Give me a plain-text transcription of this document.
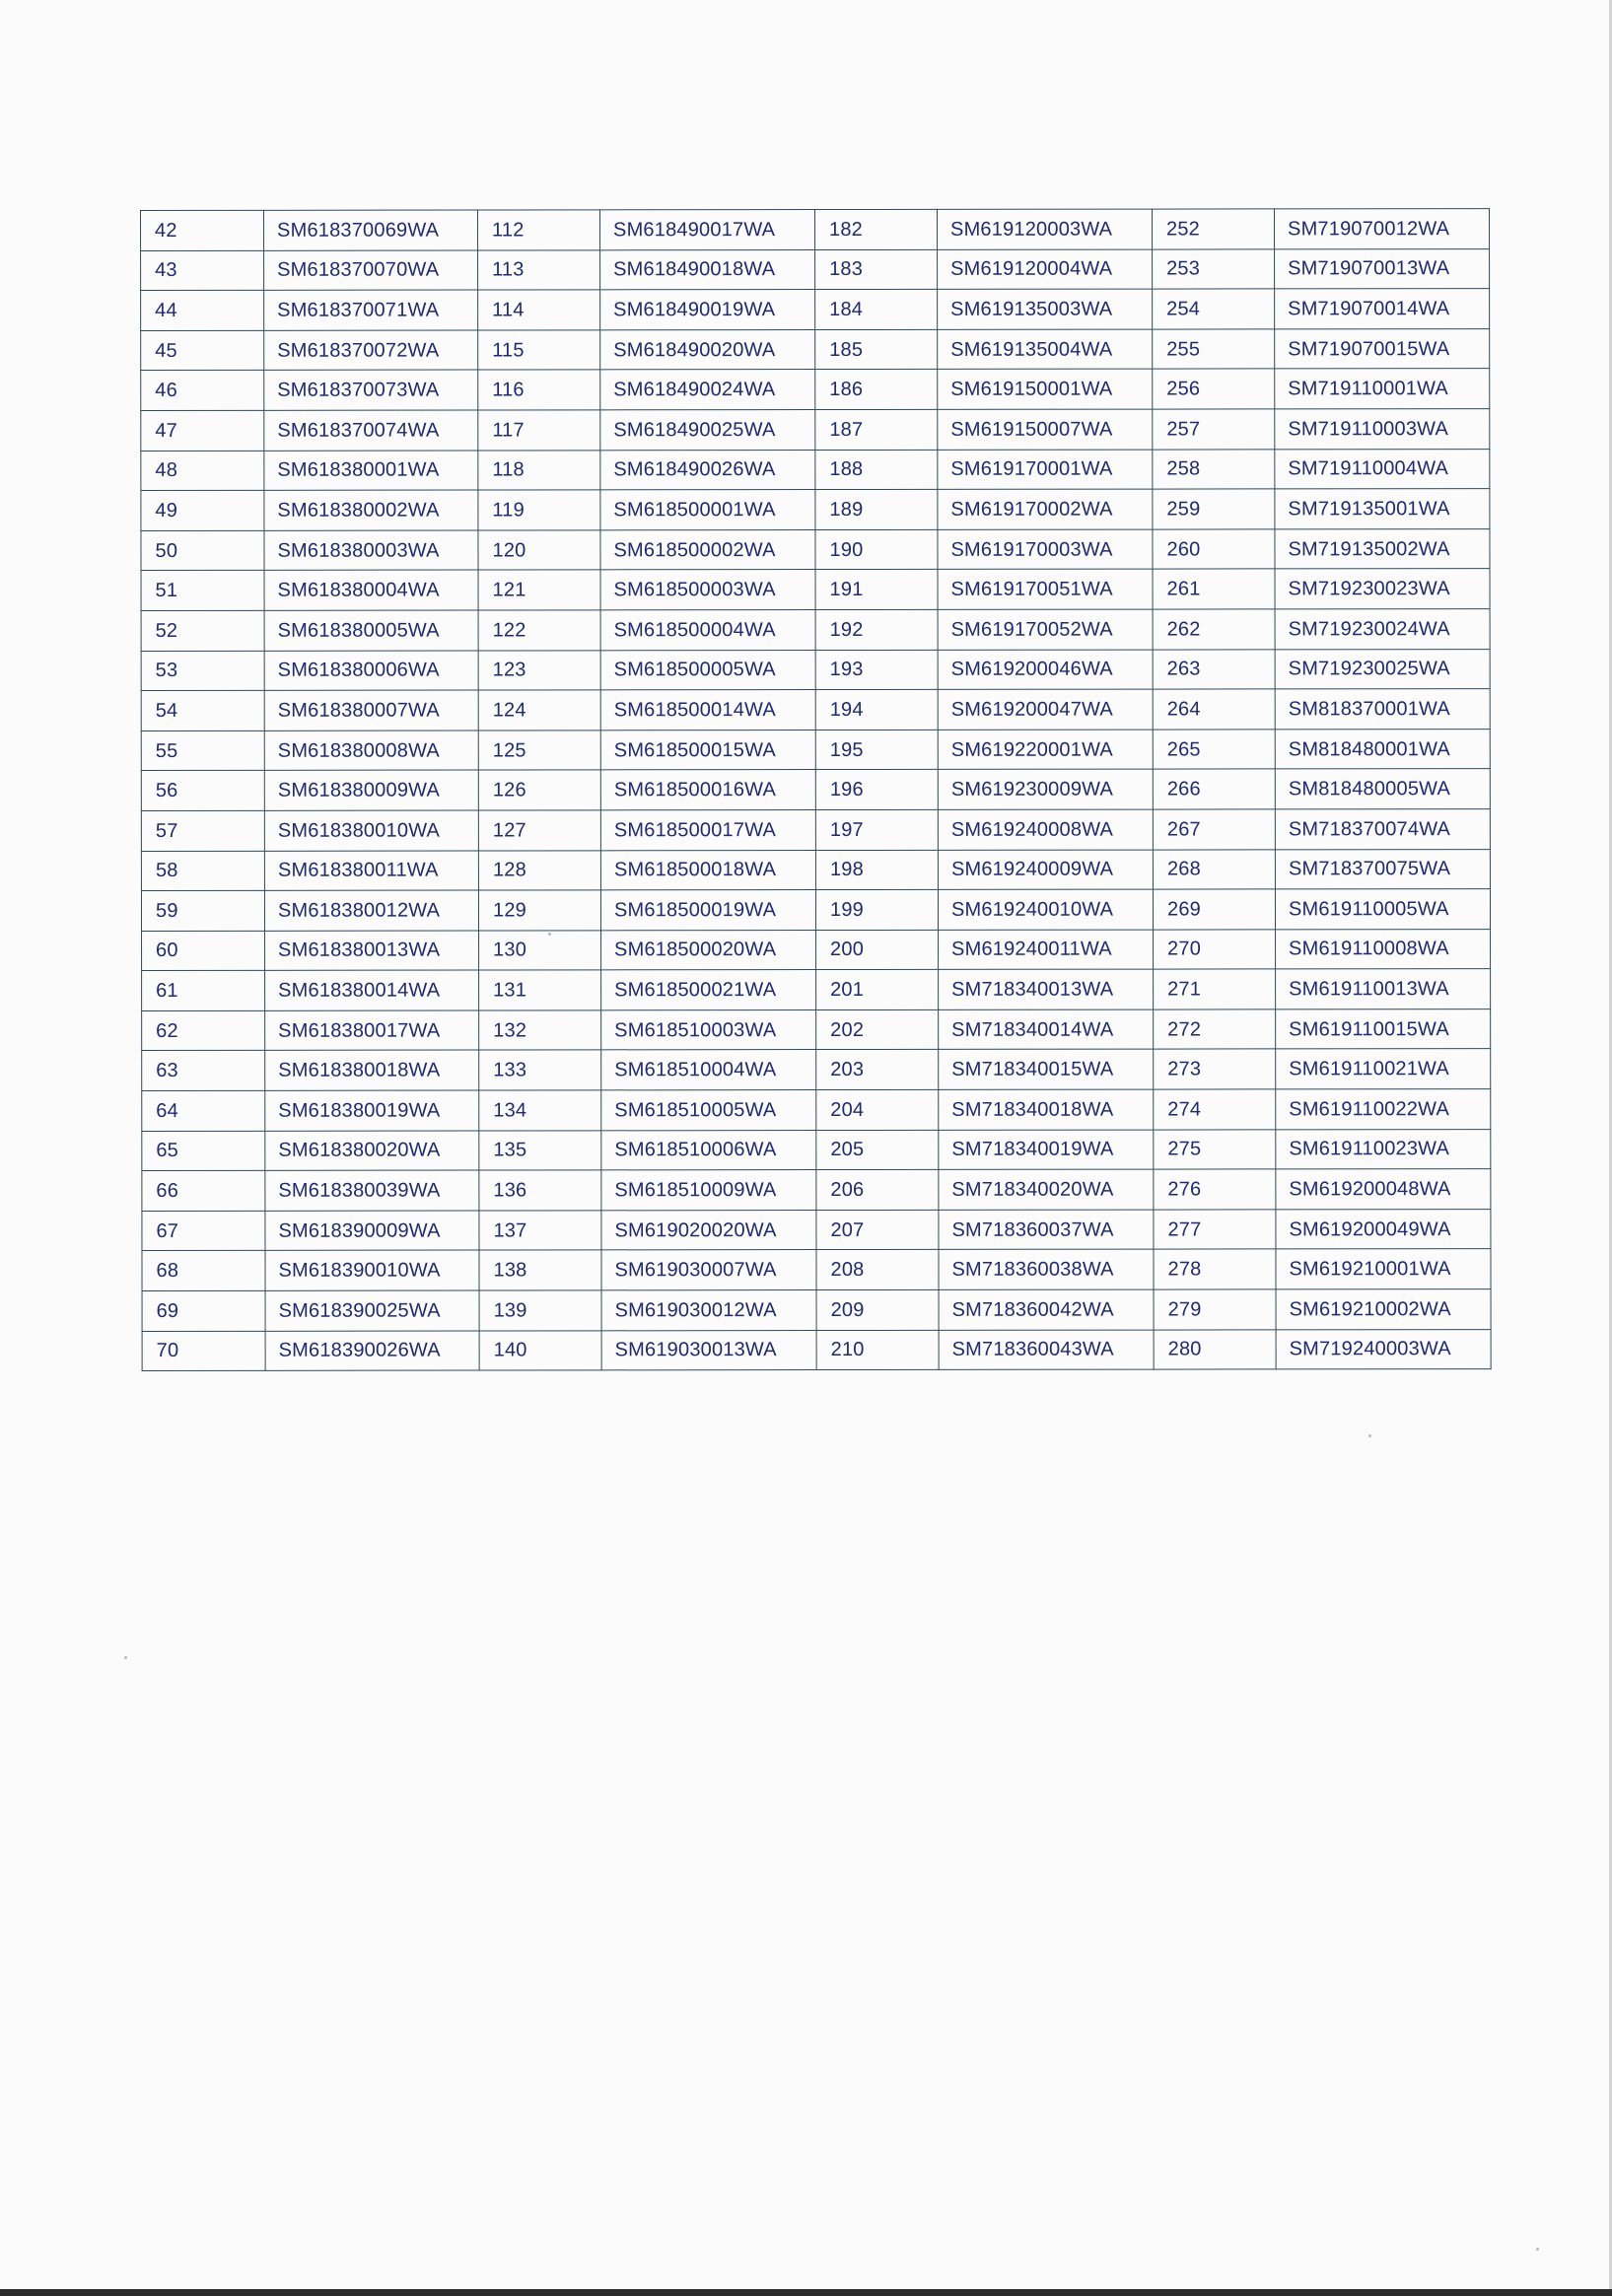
42	SM618370069WA	112	SM618490017WA	182	SM619120003WA	252	SM719070012WA
43	SM618370070WA	113	SM618490018WA	183	SM619120004WA	253	SM719070013WA
44	SM618370071WA	114	SM618490019WA	184	SM619135003WA	254	SM719070014WA
45	SM618370072WA	115	SM618490020WA	185	SM619135004WA	255	SM719070015WA
46	SM618370073WA	116	SM618490024WA	186	SM619150001WA	256	SM719110001WA
47	SM618370074WA	117	SM618490025WA	187	SM619150007WA	257	SM719110003WA
48	SM618380001WA	118	SM618490026WA	188	SM619170001WA	258	SM719110004WA
49	SM618380002WA	119	SM618500001WA	189	SM619170002WA	259	SM719135001WA
50	SM618380003WA	120	SM618500002WA	190	SM619170003WA	260	SM719135002WA
51	SM618380004WA	121	SM618500003WA	191	SM619170051WA	261	SM719230023WA
52	SM618380005WA	122	SM618500004WA	192	SM619170052WA	262	SM719230024WA
53	SM618380006WA	123	SM618500005WA	193	SM619200046WA	263	SM719230025WA
54	SM618380007WA	124	SM618500014WA	194	SM619200047WA	264	SM818370001WA
55	SM618380008WA	125	SM618500015WA	195	SM619220001WA	265	SM818480001WA
56	SM618380009WA	126	SM618500016WA	196	SM619230009WA	266	SM818480005WA
57	SM618380010WA	127	SM618500017WA	197	SM619240008WA	267	SM718370074WA
58	SM618380011WA	128	SM618500018WA	198	SM619240009WA	268	SM718370075WA
59	SM618380012WA	129	SM618500019WA	199	SM619240010WA	269	SM619110005WA
60	SM618380013WA	130	SM618500020WA	200	SM619240011WA	270	SM619110008WA
61	SM618380014WA	131	SM618500021WA	201	SM718340013WA	271	SM619110013WA
62	SM618380017WA	132	SM618510003WA	202	SM718340014WA	272	SM619110015WA
63	SM618380018WA	133	SM618510004WA	203	SM718340015WA	273	SM619110021WA
64	SM618380019WA	134	SM618510005WA	204	SM718340018WA	274	SM619110022WA
65	SM618380020WA	135	SM618510006WA	205	SM718340019WA	275	SM619110023WA
66	SM618380039WA	136	SM618510009WA	206	SM718340020WA	276	SM619200048WA
67	SM618390009WA	137	SM619020020WA	207	SM718360037WA	277	SM619200049WA
68	SM618390010WA	138	SM619030007WA	208	SM718360038WA	278	SM619210001WA
69	SM618390025WA	139	SM619030012WA	209	SM718360042WA	279	SM619210002WA
70	SM618390026WA	140	SM619030013WA	210	SM718360043WA	280	SM719240003WA
